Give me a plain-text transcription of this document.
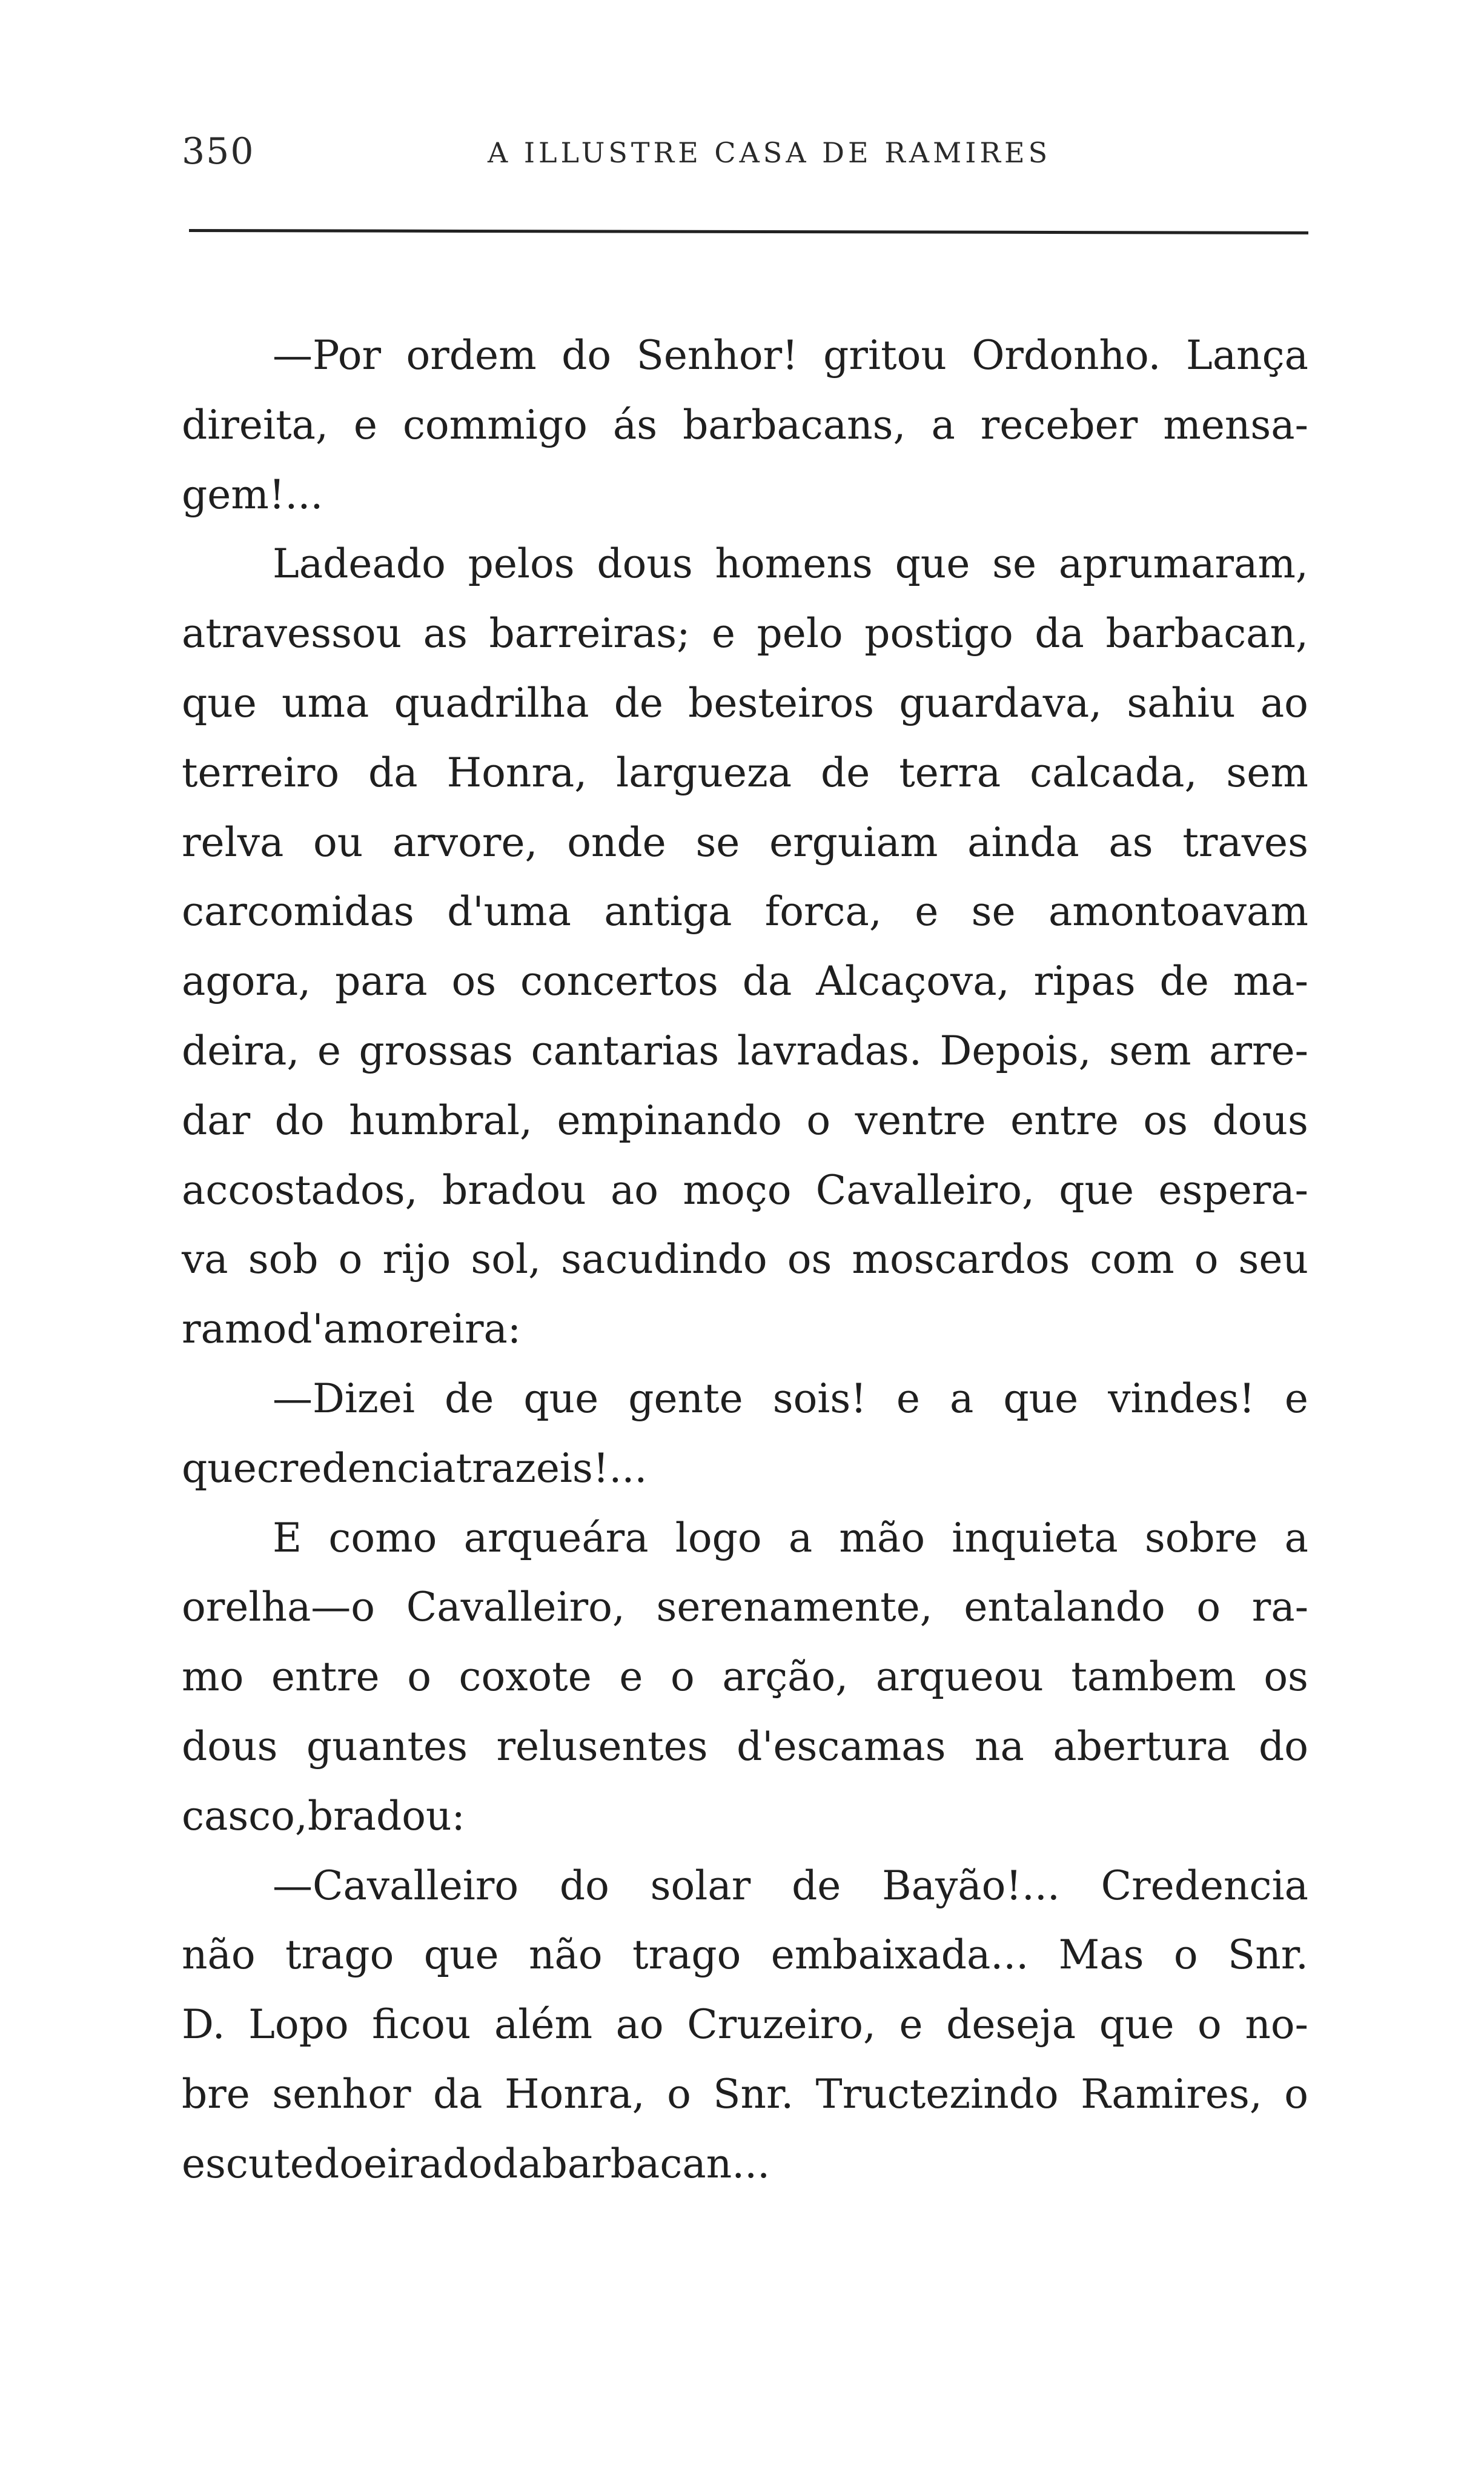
350	A ILLUSTRE CASA DE RAMIRES
—Por ordem do Senhor! gritou Ordonho. Lança
direita, e commigo ás barbacans, a receber mensa-
gem!...
Ladeado pelos dous homens que se aprumaram,
atravessou as barreiras; e pelo postigo da barbacan,
que uma quadrilha de besteiros guardava, sahiu ao
terreiro da Honra, largueza de terra calcada, sem
relva ou arvore, onde se erguiam ainda as traves
carcomidas d'uma antiga forca, e se amontoavam
agora, para os concertos da Alcaçova, ripas de ma-
deira, e grossas cantarias lavradas. Depois, sem arre-
dar do humbral, empinando o ventre entre os dous
accostados, bradou ao moço Cavalleiro, que espera-
va sob o rijo sol, sacudindo os moscardos com o seu
ramo d'amoreira:
—Dizei de que gente sois! e a que vindes! e
que credencia trazeis!...
E como arqueára logo a mão inquieta sobre a
orelha—o Cavalleiro, serenamente, entalando o ra-
mo entre o coxote e o arção, arqueou tambem os
dous guantes relusentes d'escamas na abertura do
casco, bradou:
—Cavalleiro do solar de Bayão!... Credencia
não trago que não trago embaixada... Mas o Snr.
D. Lopo ficou além ao Cruzeiro, e deseja que o no-
bre senhor da Honra, o Snr. Tructezindo Ramires, o
escute do eirado da barbacan...
